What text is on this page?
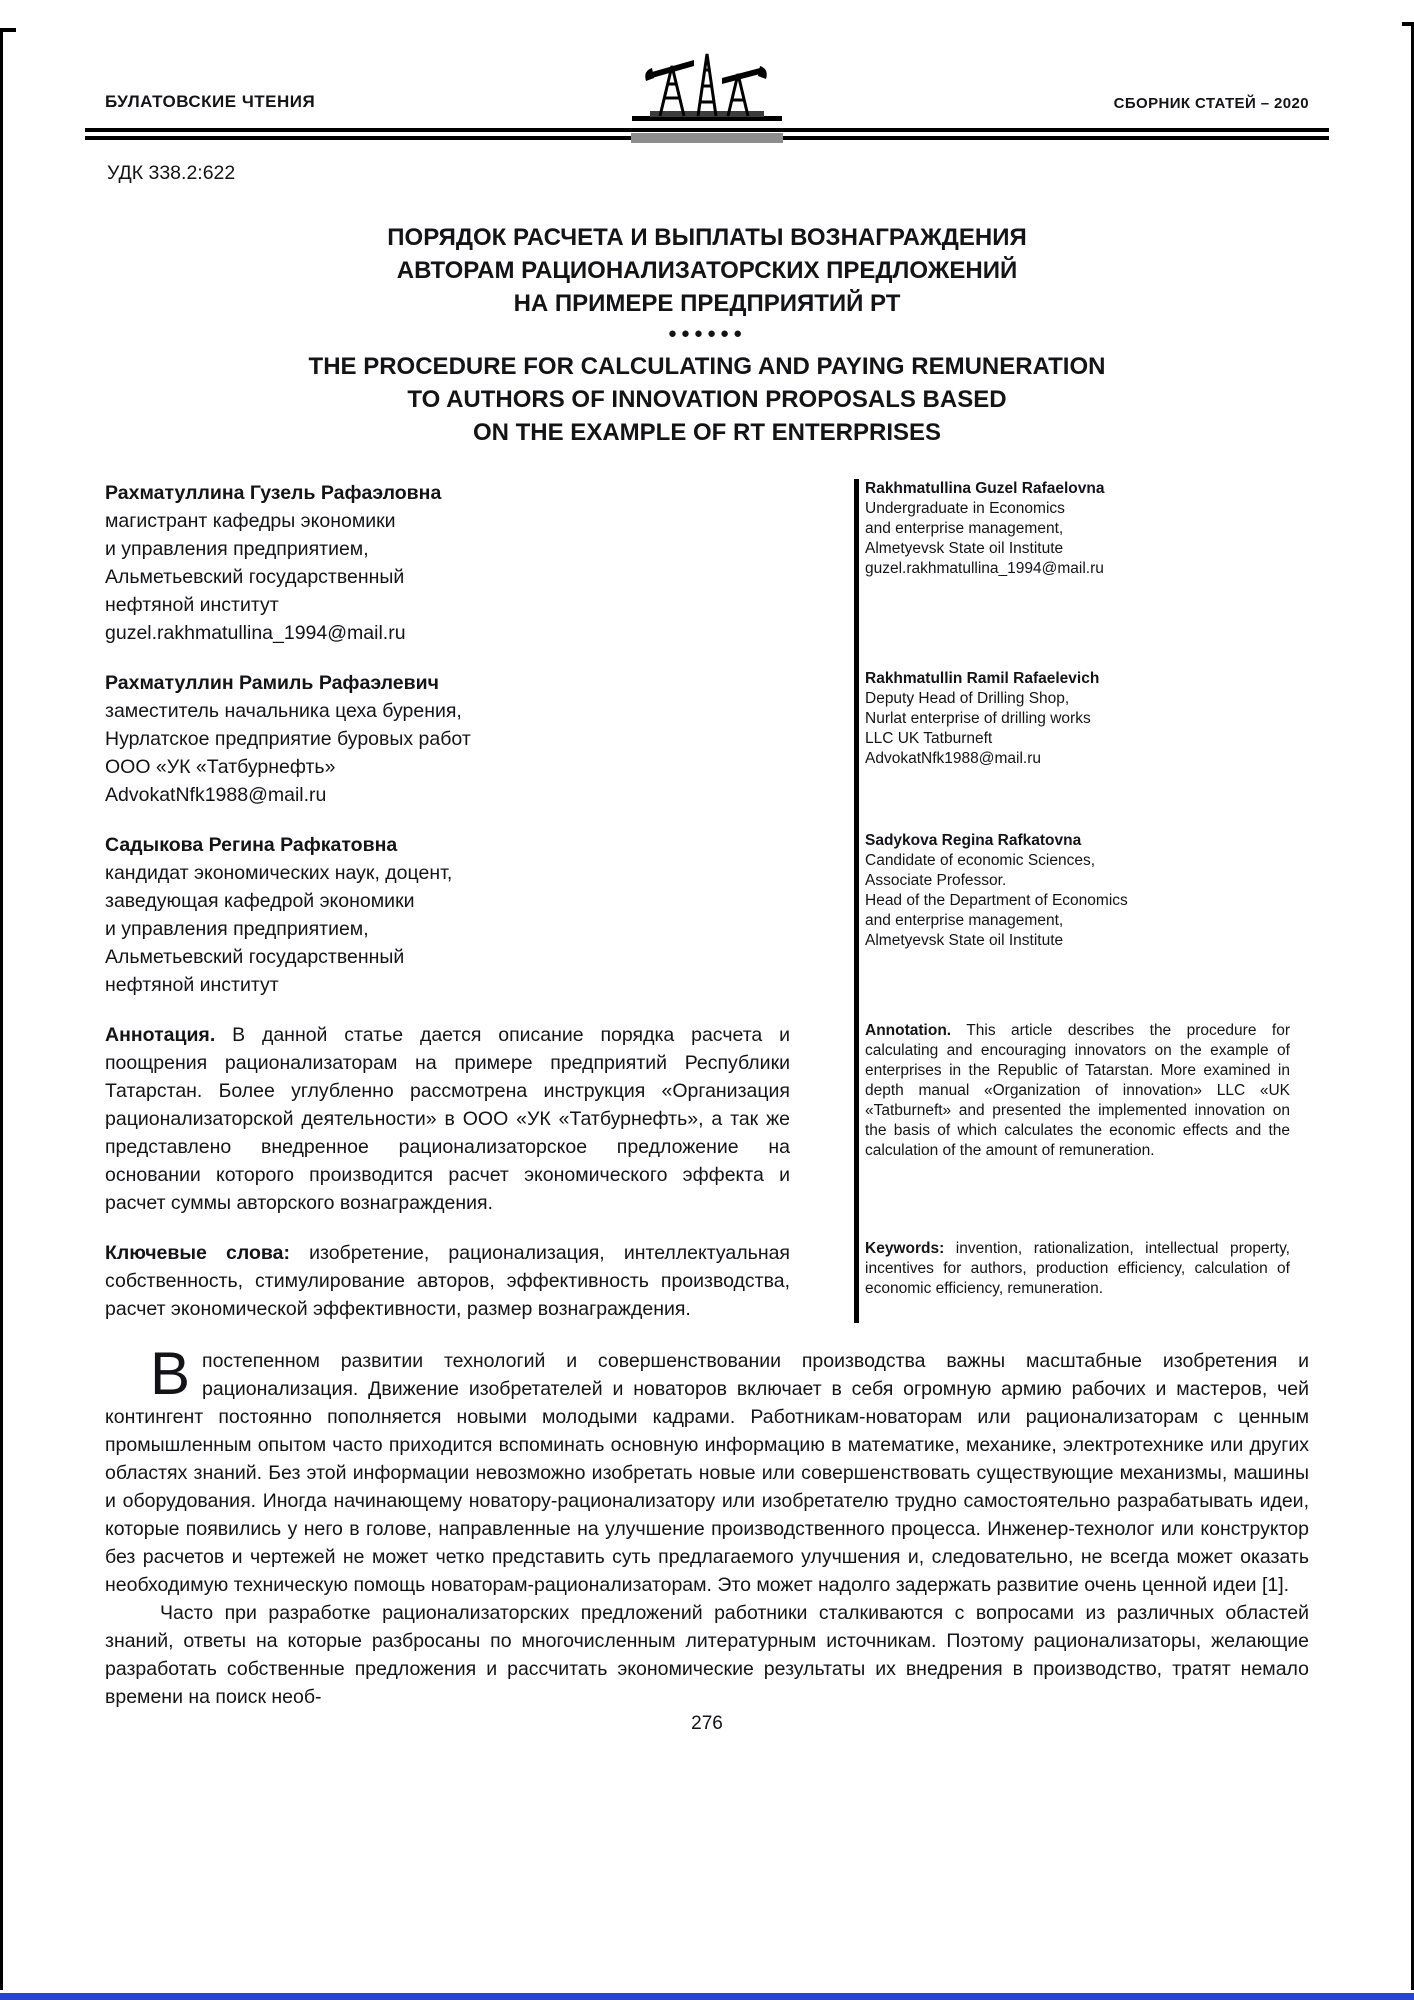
БУЛАТОВСКИЕ ЧТЕНИЯ	СБОРНИК СТАТЕЙ – 2020
УДК 338.2:622
ПОРЯДОК РАСЧЕТА И ВЫПЛАТЫ ВОЗНАГРАЖДЕНИЯ
АВТОРАМ РАЦИОНАЛИЗАТОРСКИХ ПРЕДЛОЖЕНИЙ
НА ПРИМЕРЕ ПРЕДПРИЯТИЙ РТ
●●●●●●
THE PROCEDURE FOR CALCULATING AND PAYING REMUNERATION
TO AUTHORS OF INNOVATION PROPOSALS BASED
ON THE EXAMPLE OF RT ENTERPRISES
Рахматуллина Гузель Рафаэловна
магистрант кафедры экономики
и управления предприятием,
Альметьевский государственный
нефтяной институт
guzel.rakhmatullina_1994@mail.ru
Rakhmatullina Guzel Rafaelovna
Undergraduate in Economics
and enterprise management,
Almetyevsk State oil Institute
guzel.rakhmatullina_1994@mail.ru
Рахматуллин Рамиль Рафаэлевич
заместитель начальника цеха бурения,
Нурлатское предприятие буровых работ
ООО «УК «Татбурнефть»
AdvokatNfk1988@mail.ru
Rakhmatullin Ramil Rafaelevich
Deputy Head of Drilling Shop,
Nurlat enterprise of drilling works
LLC UK Tatburneft
AdvokatNfk1988@mail.ru
Садыкова Регина Рафкатовна
кандидат экономических наук, доцент,
заведующая кафедрой экономики
и управления предприятием,
Альметьевский государственный
нефтяной институт
Sadykova Regina Rafkatovna
Candidate of economic Sciences,
Associate Professor.
Head of the Department of Economics
and enterprise management,
Almetyevsk State oil Institute

Аннотация. В данной статье дается описание порядка расчета и поощрения рационализаторам на примере предприятий Республики Татарстан. Более углубленно рассмотрена инструкция «Организация рационализаторской деятельности» в ООО «УК «Татбурнефть», а так же представлено внедренное рационализаторское предложение на основании которого производится расчет экономического эффекта и расчет суммы авторского вознаграждения.

Annotation. This article describes the procedure for calculating and encouraging innovators on the example of enterprises in the Republic of Tatarstan. More examined in depth manual «Organization of innovation» LLC «UK «Tatburneft» and presented the implemented innovation on the basis of which calculates the economic effects and the calculation of the amount of remuneration.

Ключевые слова: изобретение, рационализация, интеллектуальная собственность, стимулирование авторов, эффективность производства, расчет экономической эффективности, размер вознаграждения.

Keywords: invention, rationalization, intellectual property, incentives for authors, production efficiency, calculation of economic efficiency, remuneration.

Впостепенном развитии технологий и совершенствовании производства важны масштабные изобретения и рационализация. Движение изобретателей и новаторов включает в себя огромную армию рабочих и мастеров, чей контингент постоянно пополняется новыми молодыми кадрами. Работникам-новаторам или рационализаторам с ценным промышленным опытом часто приходится вспоминать основную информацию в математике, механике, электротехнике или других областях знаний. Без этой информации невозможно изобретать новые или совершенствовать существующие механизмы, машины и оборудования. Иногда начинающему новатору-рационализатору или изобретателю трудно самостоятельно разрабатывать идеи, которые появились у него в голове, направленные на улучшение производственного процесса. Инженер-технолог или конструктор без расчетов и чертежей не может четко представить суть предлагаемого улучшения и, следовательно, не всегда может оказать необходимую техническую помощь новаторам-рационализаторам. Это может надолго задержать развитие очень ценной идеи [1].

Часто при разработке рационализаторских предложений работники сталкиваются с вопросами из различных областей знаний, ответы на которые разбросаны по многочисленным литературным источникам. Поэтому рационализаторы, желающие разработать собственные предложения и рассчитать экономические результаты их внедрения в производство, тратят немало времени на поиск необ-

276
